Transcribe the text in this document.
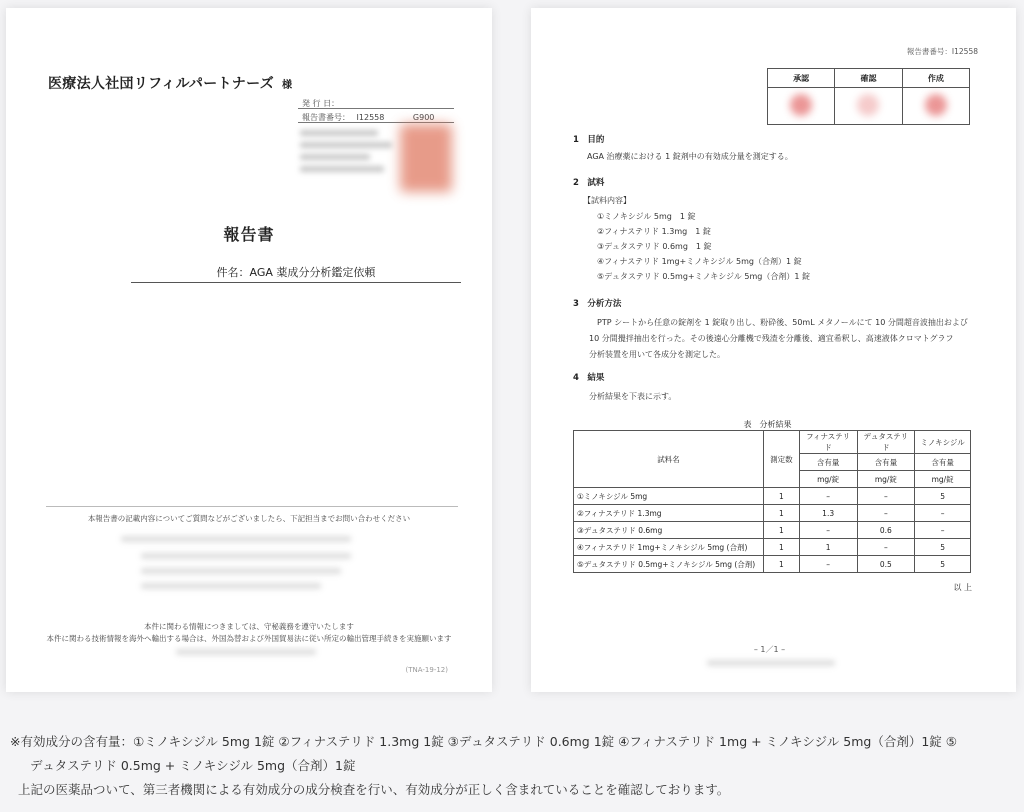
医療法人社団リフィルパートナーズ 様
発 行 日：
報告書番号： I12558	G900
報告書
件名：AGA 薬成分分析鑑定依頼
本報告書の記載内容についてご質問などがございましたら、下記担当までお問い合わせください
本件に関わる情報につきましては、守秘義務を遵守いたします
本件に関わる技術情報を海外へ輸出する場合は、外国為替および外国貿易法に従い所定の輸出管理手続きを実施願います
(TNA-19-12)
報告書番号：I12558
承認	確認	作成

1　目的
AGA 治療薬における 1 錠剤中の有効成分量を測定する。
2　試料
【試料内容】
①ミノキシジル 5mg　1 錠
②フィナステリド 1.3mg　1 錠
③デュタステリド 0.6mg　1 錠
④フィナステリド 1mg+ミノキシジル 5mg（合剤）1 錠
⑤デュタステリド 0.5mg+ミノキシジル 5mg（合剤）1 錠
3　分析方法
PTP シートから任意の錠剤を 1 錠取り出し、粉砕後、50mL メタノールにて 10 分間超音波抽出および
10 分間攪拌抽出を行った。その後遠心分離機で残渣を分離後、適宜希釈し、高速液体クロマトグラフ
分析装置を用いて各成分を測定した。
4　結果
分析結果を下表に示す。
表　分析結果
試料名	測定数	フィナステリド	デュタステリド	ミノキシジル
		含有量	含有量	含有量
		mg/錠	mg/錠	mg/錠
①ミノキシジル 5mg	1	–	–	5
②フィナステリド 1.3mg	1	1.3	–	–
③デュタステリド 0.6mg	1	–	0.6	–
④フィナステリド 1mg+ミノキシジル 5mg (合剤)	1	1	–	5
⑤デュタステリド 0.5mg+ミノキシジル 5mg (合剤)	1	–	0.5	5
以 上
– 1／1 –
※有効成分の含有量：①ミノキシジル 5mg 1錠 ②フィナステリド 1.3mg 1錠 ③デュタステリド 0.6mg 1錠 ④フィナステリド 1mg + ミノキシジル 5mg（合剤）1錠 ⑤
デュタステリド 0.5mg + ミノキシジル 5mg（合剤）1錠
上記の医薬品ついて、第三者機関による有効成分の成分検査を行い、有効成分が正しく含まれていることを確認しております。
